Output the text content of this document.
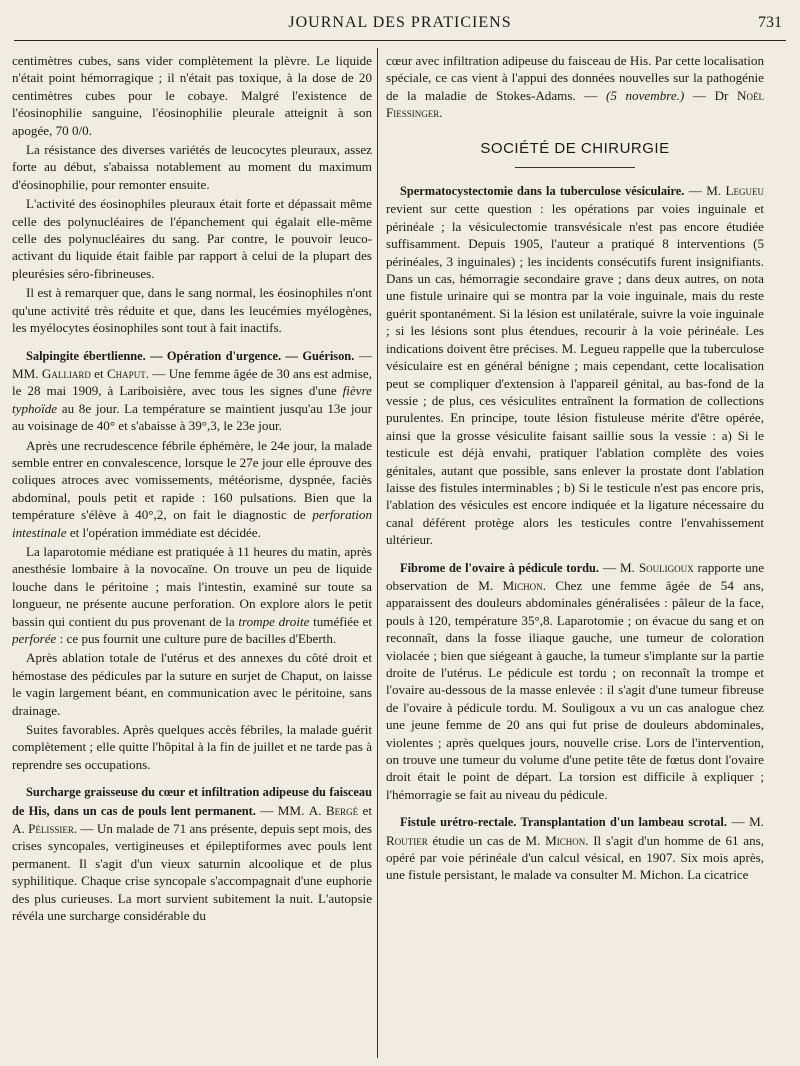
JOURNAL DES PRATICIENS	731

centimètres cubes, sans vider complètement la plèvre. Le liquide n'était point hémorragique ; il n'était pas toxique, à la dose de 20 centimètres cubes pour le cobaye. Malgré l'existence de l'éosinophilie sanguine, l'éosinophilie pleurale atteignit à son apogée, 70 0/0.

La résistance des diverses variétés de leucocytes pleuraux, assez forte au début, s'abaissa notablement au moment du maximum d'éosinophilie, pour remonter ensuite.

L'activité des éosinophiles pleuraux était forte et dépassait même celle des polynucléaires de l'épanchement qui égalait elle-même celle des polynucléaires du sang. Par contre, le pouvoir leuco-activant du liquide était faible par rapport à celui de la plupart des pleurésies séro-fibrineuses.

Il est à remarquer que, dans le sang normal, les éosinophiles n'ont qu'une activité très réduite et que, dans les leucémies myélogènes, les myélocytes éosinophiles sont tout à fait inactifs.

Salpingite ébertlienne. — Opération d'urgence. — Guérison. — MM. Galliard et Chaput. — Une femme âgée de 30 ans est admise, le 28 mai 1909, à Lariboisière, avec tous les signes d'une fièvre typhoïde au 8e jour. La température se maintient jusqu'au 13e jour au voisinage de 40° et s'abaisse à 39°,3, le 23e jour.

Après une recrudescence fébrile éphémère, le 24e jour, la malade semble entrer en convalescence, lorsque le 27e jour elle éprouve des coliques atroces avec vomissements, météorisme, dyspnée, faciès abdominal, pouls petit et rapide : 160 pulsations. Bien que la température s'élève à 40°,2, on fait le diagnostic de perforation intestinale et l'opération immédiate est décidée.

La laparotomie médiane est pratiquée à 11 heures du matin, après anesthésie lombaire à la novocaïne. On trouve un peu de liquide louche dans le péritoine ; mais l'intestin, examiné sur toute sa longueur, ne présente aucune perforation. On explore alors le petit bassin qui contient du pus provenant de la trompe droite tuméfiée et perforée : ce pus fournit une culture pure de bacilles d'Eberth.

Après ablation totale de l'utérus et des annexes du côté droit et hémostase des pédicules par la suture en surjet de Chaput, on laisse le vagin largement béant, en communication avec le péritoine, sans drainage.

Suites favorables. Après quelques accès fébriles, la malade guérit complètement ; elle quitte l'hôpital à la fin de juillet et ne tarde pas à reprendre ses occupations.

Surcharge graisseuse du cœur et infiltration adipeuse du faisceau de His, dans un cas de pouls lent permanent. — MM. A. Bergé et A. Pélissier. — Un malade de 71 ans présente, depuis sept mois, des crises syncopales, vertigineuses et épileptiformes avec pouls lent permanent. Il s'agit d'un vieux saturnin alcoolique et de plus syphilitique. Chaque crise syncopale s'accompagnait d'une euphorie des plus curieuses. La mort survient subitement la nuit. L'autopsie révéla une surcharge considérable du

cœur avec infiltration adipeuse du faisceau de His. Par cette localisation spéciale, ce cas vient à l'appui des données nouvelles sur la pathogénie de la maladie de Stokes-Adams. — (5 novembre.) — Dr Noël Fiessinger.

SOCIÉTÉ DE CHIRURGIE

Spermatocystectomie dans la tuberculose vésiculaire. — M. Legueu revient sur cette question : les opérations par voies inguinale et périnéale ; la vésiculectomie transvésicale n'est pas encore étudiée suffisamment. Depuis 1905, l'auteur a pratiqué 8 interventions (5 périnéales, 3 inguinales) ; les incidents consécutifs furent insignifiants. Dans un cas, hémorragie secondaire grave ; dans deux autres, on nota une fistule urinaire qui se montra par la voie inguinale, mais du reste guérit spontanément. Si la lésion est unilatérale, suivre la voie inguinale ; si les lésions sont plus étendues, recourir à la voie périnéale. Les indications doivent être précises. M. Legueu rappelle que la tuberculose vésiculaire est en général bénigne ; mais cependant, cette localisation peut se compliquer d'extension à l'appareil génital, au bas-fond de la vessie ; de plus, ces vésiculites entraînent la formation de collections purulentes. En principe, toute lésion fistuleuse mérite d'être opérée, ainsi que la grosse vésiculite faisant saillie sous la vessie : a) Si le testicule est déjà envahi, pratiquer l'ablation complète des voies génitales, autant que possible, sans enlever la prostate dont l'ablation laisse des fistules interminables ; b) Si le testicule n'est pas encore pris, l'ablation des vésicules est encore indiquée et la ligature nécessaire du canal déférent protège alors les testicules contre l'envahissement ultérieur.

Fibrome de l'ovaire à pédicule tordu. — M. Souligoux rapporte une observation de M. Michon. Chez une femme âgée de 54 ans, apparaissent des douleurs abdominales généralisées : pâleur de la face, pouls à 120, température 35°,8. Laparotomie ; on évacue du sang et on reconnaît, dans la fosse iliaque gauche, une tumeur de coloration violacée ; bien que siégeant à gauche, la tumeur s'implante sur la partie droite de l'utérus. Le pédicule est tordu ; on reconnaît la trompe et l'ovaire au-dessous de la masse enlevée : il s'agit d'une tumeur fibreuse de l'ovaire à pédicule tordu. M. Souligoux a vu un cas analogue chez une jeune femme de 20 ans qui fut prise de douleurs abdominales, violentes ; après quelques jours, nouvelle crise. Lors de l'intervention, on trouve une tumeur du volume d'une petite tête de fœtus dont l'ovaire droit était le point de départ. La torsion est difficile à expliquer ; l'hémorragie se fait au niveau du pédicule.

Fistule urétro-rectale. Transplantation d'un lambeau scrotal. — M. Routier étudie un cas de M. Michon. Il s'agit d'un homme de 61 ans, opéré par voie périnéale d'un calcul vésical, en 1907. Six mois après, une fistule persistant, le malade va consulter M. Michon. La cicatrice
